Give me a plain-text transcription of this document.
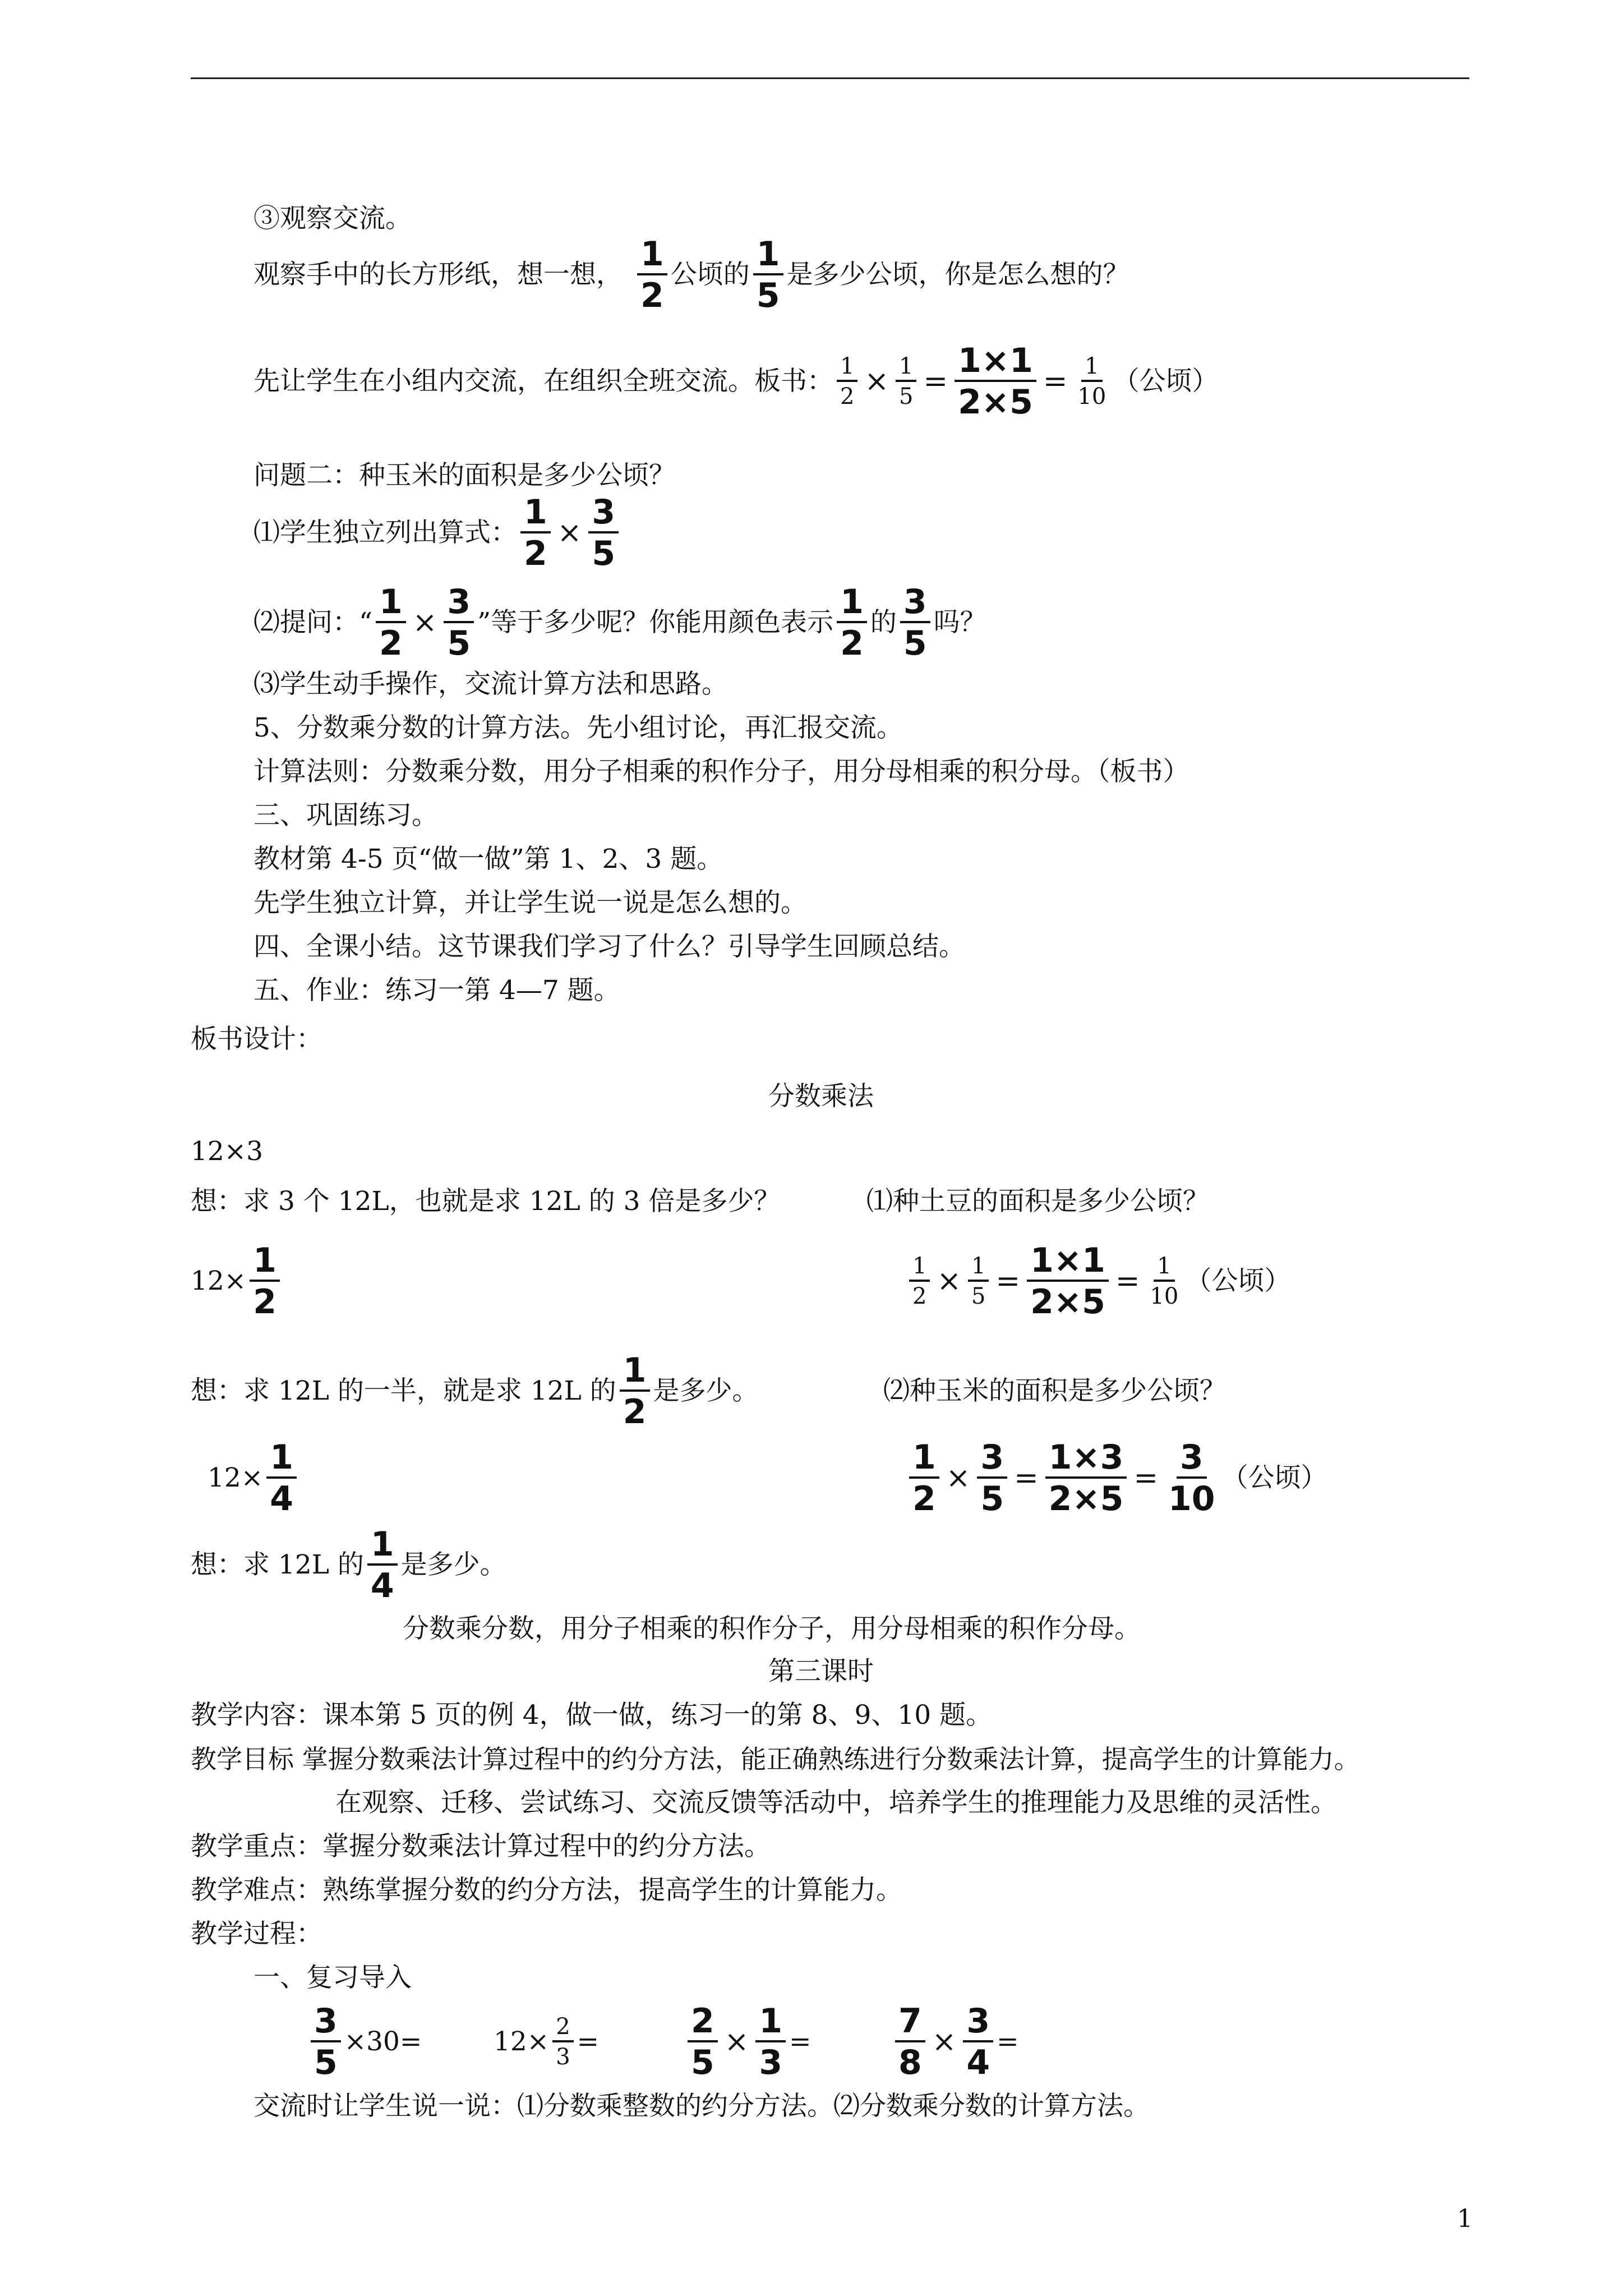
③观察交流。
观察手中的长方形纸，想一想， $\frac{1}{2}$ 公顷的 $\frac{1}{5}$ 是多少公顷，你是怎么想的？
先让学生在小组内交流，在组织全班交流。板书： $\frac{1}{2} \times \frac{1}{5} = \frac{1\times 1}{2\times 5} = \frac{1}{10}$ （公顷）
问题二：种玉米的面积是多少公顷？
⑴学生独立列出算式： $\frac{1}{2} \times \frac{3}{5}$
⑵提问：“ $\frac{1}{2} \times \frac{3}{5}$ ”等于多少呢？你能用颜色表示 $\frac{1}{2}$ 的 $\frac{3}{5}$ 吗？
⑶学生动手操作，交流计算方法和思路。
5、分数乘分数的计算方法。先小组讨论，再汇报交流。
计算法则：分数乘分数，用分子相乘的积作分子，用分母相乘的积分母。（板书）
三、巩固练习。
教材第 4-5 页“做一做”第 1、2、3 题。
先学生独立计算，并让学生说一说是怎么想的。
四、全课小结。这节课我们学习了什么？引导学生回顾总结。
五、作业：练习一第 4—7 题。
板书设计：
分数乘法
12×3
想：求 3 个 12L，也就是求 12L 的 3 倍是多少？	⑴种土豆的面积是多少公顷？
$12\times \frac{1}{2}$	$\frac{1}{2} \times \frac{1}{5} = \frac{1\times 1}{2\times 5} = \frac{1}{10}$ （公顷）
想：求 12L 的一半，就是求 12L 的 $\frac{1}{2}$ 是多少。	⑵种玉米的面积是多少公顷？
$12\times \frac{1}{4}$	$\frac{1}{2} \times \frac{3}{5} = \frac{1\times 3}{2\times 5} = \frac{3}{10}$ （公顷）
想：求 12L 的 $\frac{1}{4}$ 是多少。
分数乘分数，用分子相乘的积作分子，用分母相乘的积作分母。
第三课时
教学内容：课本第 5 页的例 4，做一做，练习一的第 8、9、10 题。
教学目标 掌握分数乘法计算过程中的约分方法，能正确熟练进行分数乘法计算，提高学生的计算能力。
在观察、迁移、尝试练习、交流反馈等活动中，培养学生的推理能力及思维的灵活性。
教学重点：掌握分数乘法计算过程中的约分方法。
教学难点：熟练掌握分数的约分方法，提高学生的计算能力。
教学过程：
一、复习导入
$\frac{3}{5} \times 30=$	$12\times \frac{2}{3}$ =	$\frac{2}{5} \times \frac{1}{3} = \frac{7}{8} \times \frac{3}{4}$ =
交流时让学生说一说：⑴分数乘整数的约分方法。⑵分数乘分数的计算方法。
1
